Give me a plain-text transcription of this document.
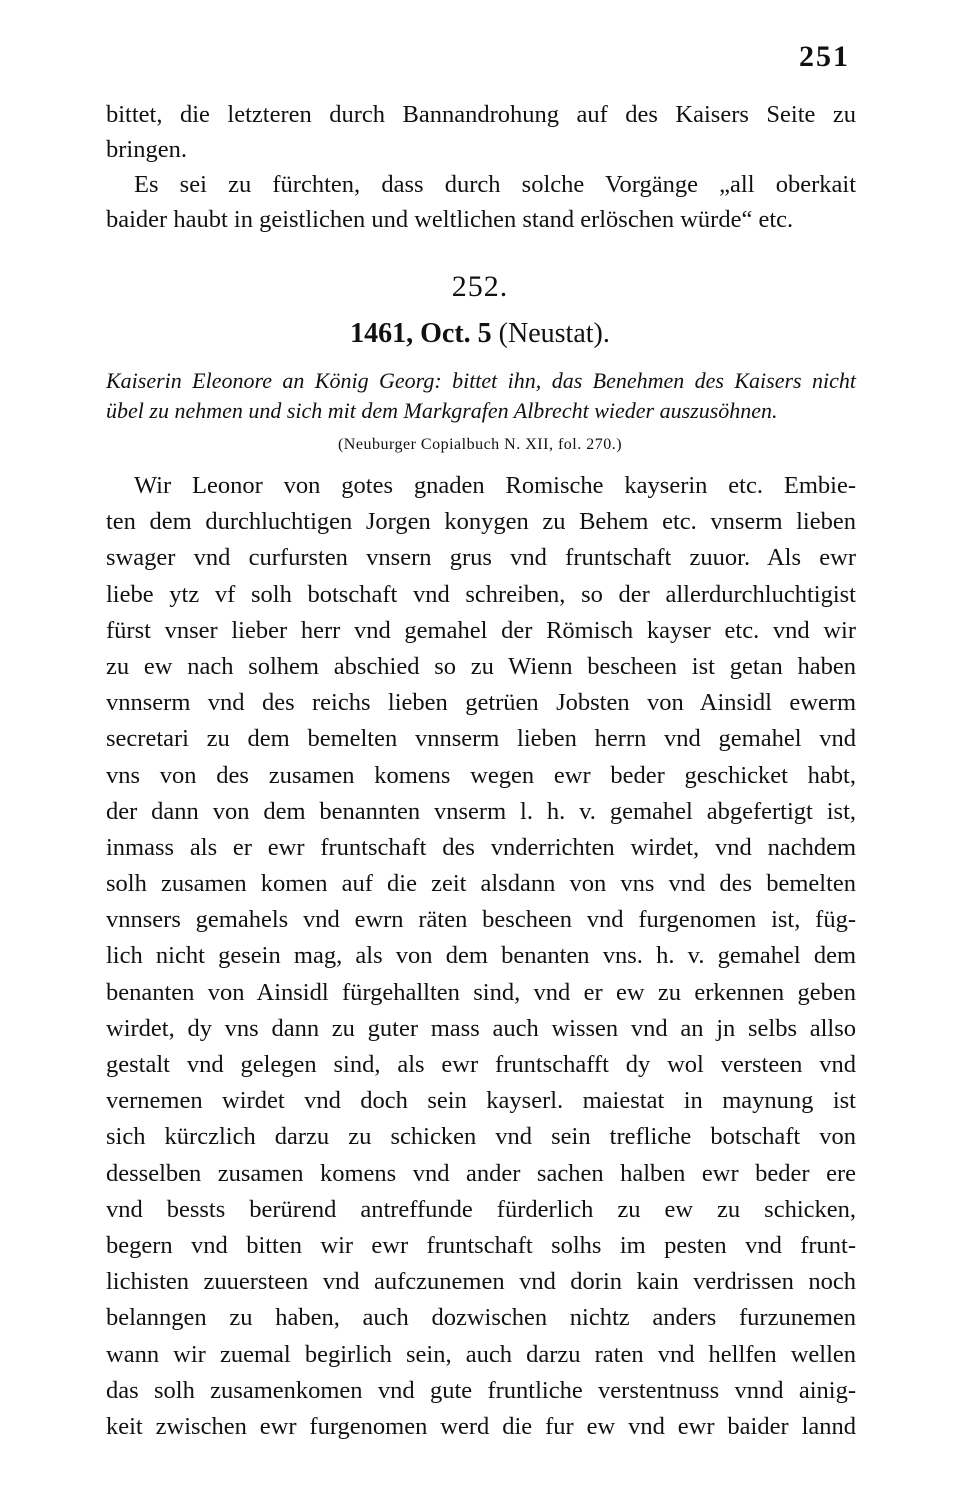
251
bittet, die letzteren durch Bannandrohung auf des Kaisers Seite zu
bringen.
Es sei zu fürchten, dass durch solche Vorgänge „all oberkait
baider haubt in geistlichen und weltlichen stand erlöschen würde“ etc.
252.
1461, Oct. 5 (Neustat).
Kaiserin Eleonore an König Georg: bittet ihn, das Benehmen des Kaisers nicht
übel zu nehmen und sich mit dem Markgrafen Albrecht wieder auszusöhnen.
(Neuburger Copialbuch N. XII, fol. 270.)
Wir Leonor von gotes gnaden Romische kayserin etc. Embie-
ten dem durchluchtigen Jorgen konygen zu Behem etc. vnserm lieben
swager vnd curfursten vnsern grus vnd fruntschaft zuuor. Als ewr
liebe ytz vf solh botschaft vnd schreiben, so der allerdurchluchtigist
fürst vnser lieber herr vnd gemahel der Römisch kayser etc. vnd wir
zu ew nach solhem abschied so zu Wienn bescheen ist getan haben
vnnserm vnd des reichs lieben getrüen Jobsten von Ainsidl ewerm
secretari zu dem bemelten vnnserm lieben herrn vnd gemahel vnd
vns von des zusamen komens wegen ewr beder geschicket habt,
der dann von dem benannten vnserm l. h. v. gemahel abgefertigt ist,
inmass als er ewr fruntschaft des vnderrichten wirdet, vnd nachdem
solh zusamen komen auf die zeit alsdann von vns vnd des bemelten
vnnsers gemahels vnd ewrn räten bescheen vnd furgenomen ist, füg-
lich nicht gesein mag, als von dem benanten vns. h. v. gemahel dem
benanten von Ainsidl fürgehallten sind, vnd er ew zu erkennen geben
wirdet, dy vns dann zu guter mass auch wissen vnd an jn selbs allso
gestalt vnd gelegen sind, als ewr fruntschafft dy wol versteen vnd
vernemen wirdet vnd doch sein kayserl. maiestat in maynung ist
sich kürczlich darzu zu schicken vnd sein trefliche botschaft von
desselben zusamen komens vnd ander sachen halben ewr beder ere
vnd bessts berürend antreffunde fürderlich zu ew zu schicken,
begern vnd bitten wir ewr fruntschaft solhs im pesten vnd frunt-
lichisten zuuersteen vnd aufczunemen vnd dorin kain verdrissen noch
belanngen zu haben, auch dozwischen nichtz anders furzunemen
wann wir zuemal begirlich sein, auch darzu raten vnd hellfen wellen
das solh zusamenkomen vnd gute fruntliche verstentnuss vnnd ainig-
keit zwischen ewr furgenomen werd die fur ew vnd ewr baider lannd
